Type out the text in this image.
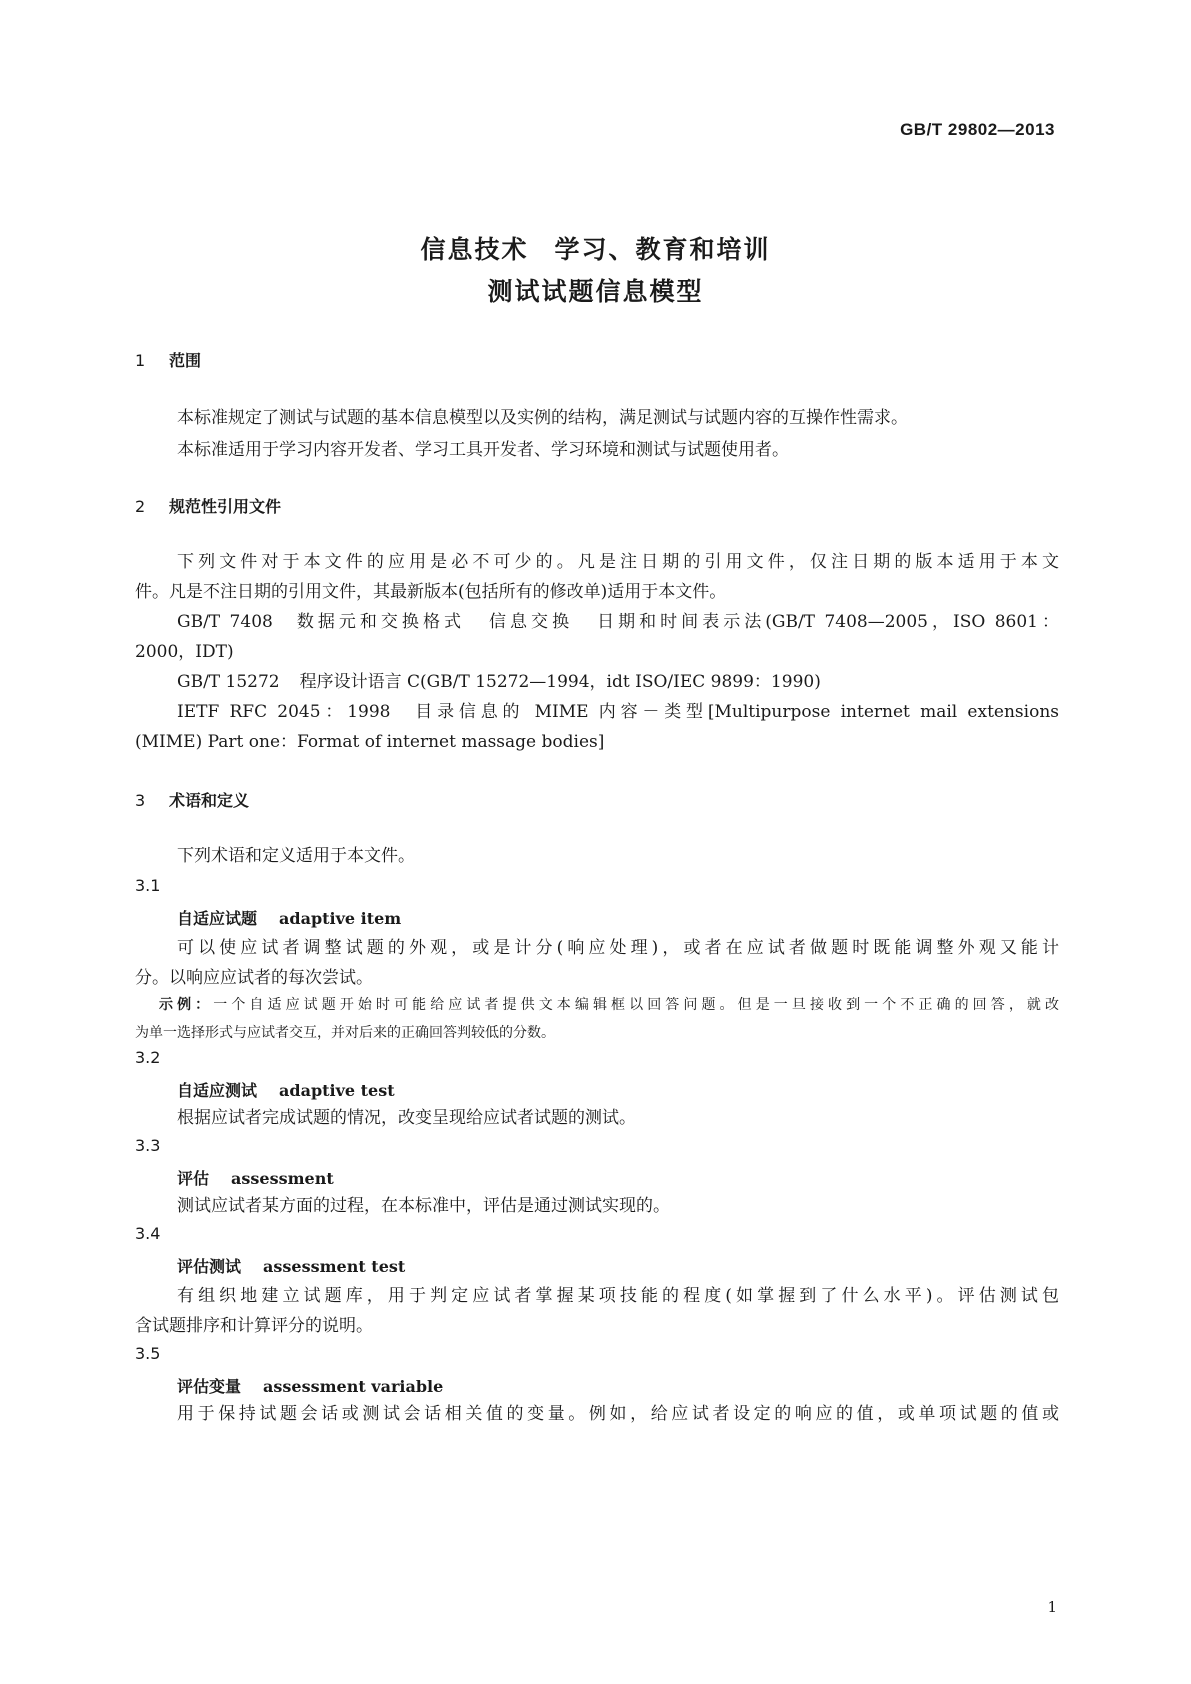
GB/T 29802—2013
信息技术 学习、教育和培训
测试试题信息模型
1 范围
本标准规定了测试与试题的基本信息模型以及实例的结构，满足测试与试题内容的互操作性需求。
本标准适用于学习内容开发者、学习工具开发者、学习环境和测试与试题使用者。
2 规范性引用文件
下列文件对于本文件的应用是必不可少的。凡是注日期的引用文件，仅注日期的版本适用于本文
件。凡是不注日期的引用文件，其最新版本(包括所有的修改单)适用于本文件。
GB/T 7408 数据元和交换格式 信息交换 日期和时间表示法(GB/T 7408—2005，ISO 8601：
2000，IDT)
GB/T 15272 程序设计语言 C(GB/T 15272—1994，idt ISO/IEC 9899：1990)
IETF RFC 2045：1998 目录信息的 MIME 内容－类型[Multipurpose internet mail extensions
(MIME) Part one：Format of internet massage bodies]
3 术语和定义
下列术语和定义适用于本文件。
3.1
自适应试题 adaptive item
可以使应试者调整试题的外观，或是计分(响应处理)，或者在应试者做题时既能调整外观又能计
分。以响应应试者的每次尝试。
示例：一个自适应试题开始时可能给应试者提供文本编辑框以回答问题。但是一旦接收到一个不正确的回答，就改
为单一选择形式与应试者交互，并对后来的正确回答判较低的分数。
3.2
自适应测试 adaptive test
根据应试者完成试题的情况，改变呈现给应试者试题的测试。
3.3
评估 assessment
测试应试者某方面的过程，在本标准中，评估是通过测试实现的。
3.4
评估测试 assessment test
有组织地建立试题库，用于判定应试者掌握某项技能的程度(如掌握到了什么水平)。评估测试包
含试题排序和计算评分的说明。
3.5
评估变量 assessment variable
用于保持试题会话或测试会话相关值的变量。例如，给应试者设定的响应的值，或单项试题的值或
1
